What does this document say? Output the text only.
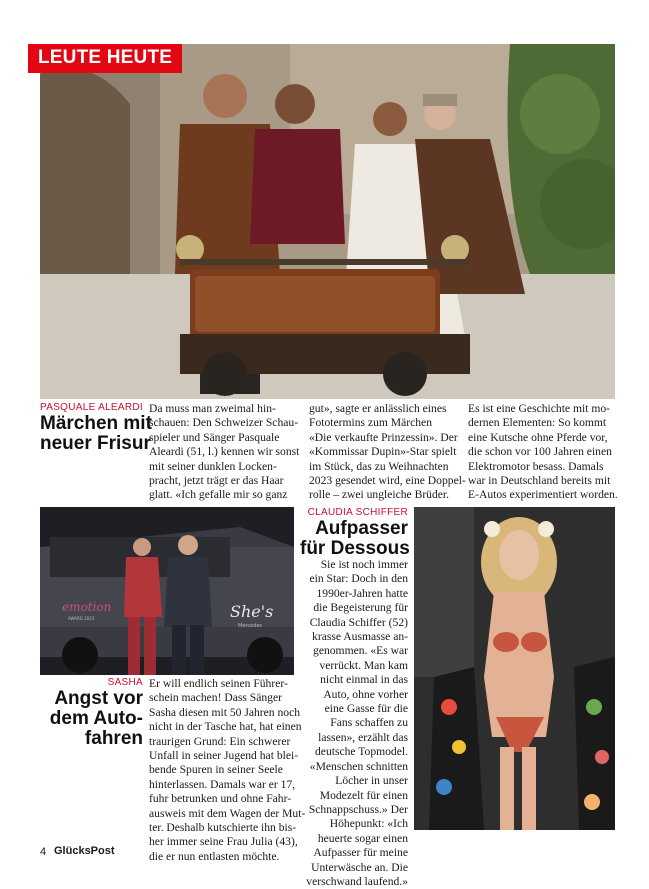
LEUTE HEUTE
PASQUALE ALEARDI
Märchen mit
neuer Frisur
Da muss man zweimal hin-
schauen: Den Schweizer Schau-
spieler und Sänger Pasquale
Aleardi (51, l.) kennen wir sonst
mit seiner dunklen Locken-
pracht, jetzt trägt er das Haar
glatt. «Ich gefalle mir so ganz
gut», sagte er anlässlich eines
Fototermins zum Märchen
«Die verkaufte Prinzessin». Der
«Kommissar Dupin»-Star spielt
im Stück, das zu Weihnachten
2023 gesendet wird, eine Doppel-
rolle – zwei ungleiche Brüder.
Es ist eine Geschichte mit mo-
dernen Elementen: So kommt
eine Kutsche ohne Pferde vor,
die schon vor 100 Jahren einen
Elektromotor besass. Damals
war in Deutschland bereits mit
E-Autos experimentiert worden.
emotion
AWARD 2023	She's
Mercedes
SASHA
Angst vor
dem Auto-
fahren
Er will endlich seinen Führer-
schein machen! Dass Sänger
Sasha diesen mit 50 Jahren noch
nicht in der Tasche hat, hat einen
traurigen Grund: Ein schwerer
Unfall in seiner Jugend hat blei-
bende Spuren in seiner Seele
hinterlassen. Damals war er 17,
fuhr betrunken und ohne Fahr-
ausweis mit dem Wagen der Mut-
ter. Deshalb kutschierte ihn bis-
her immer seine Frau Julia (43),
die er nun entlasten möchte.
CLAUDIA SCHIFFER
Aufpasser
für Dessous
Sie ist noch immer
ein Star: Doch in den
1990er-Jahren hatte
die Begeisterung für
Claudia Schiffer (52)
krasse Ausmasse an-
genommen. «Es war
verrückt. Man kam
nicht einmal in das
Auto, ohne vorher
eine Gasse für die
Fans schaffen zu
lassen», erzählt das
deutsche Topmodel.
«Menschen schnitten
Löcher in unser
Modezelt für einen
Schnappschuss.» Der
Höhepunkt: «Ich
heuerte sogar einen
Aufpasser für meine
Unterwäsche an. Die
verschwand laufend.»
4 GlücksPost
